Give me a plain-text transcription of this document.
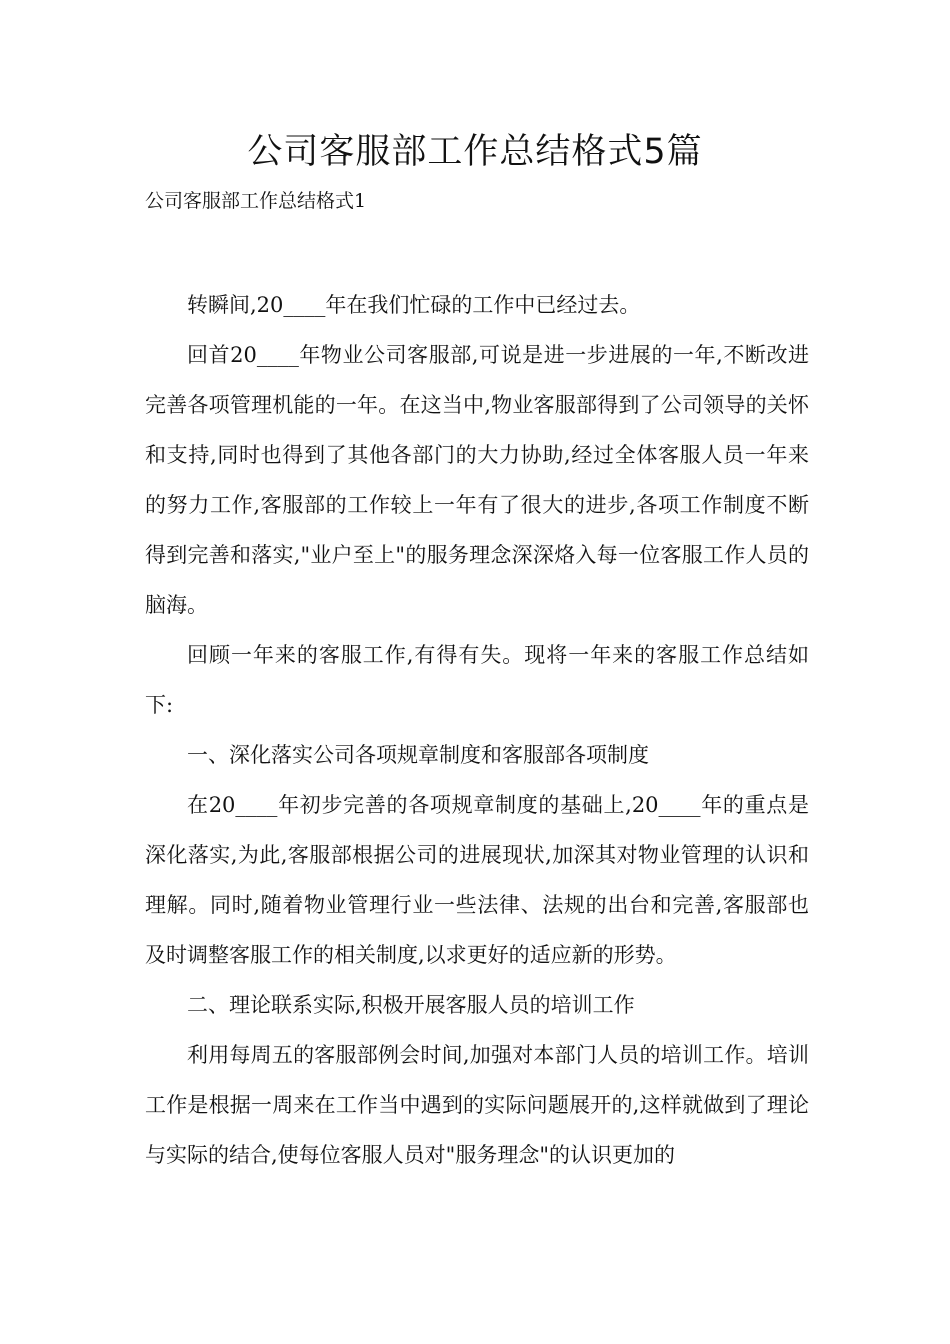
公司客服部工作总结格式5篇

公司客服部工作总结格式1

转瞬间,20____年在我们忙碌的工作中已经过去。

回首20____年物业公司客服部,可说是进一步进展的一年,不断改进完善各项管理机能的一年。在这当中,物业客服部得到了公司领导的关怀和支持,同时也得到了其他各部门的大力协助,经过全体客服人员一年来的努力工作,客服部的工作较上一年有了很大的进步,各项工作制度不断得到完善和落实,"业户至上"的服务理念深深烙入每一位客服工作人员的脑海。

回顾一年来的客服工作,有得有失。现将一年来的客服工作总结如下:

一、深化落实公司各项规章制度和客服部各项制度

在20____年初步完善的各项规章制度的基础上,20____年的重点是深化落实,为此,客服部根据公司的进展现状,加深其对物业管理的认识和理解。同时,随着物业管理行业一些法律、法规的出台和完善,客服部也及时调整客服工作的相关制度,以求更好的适应新的形势。

二、理论联系实际,积极开展客服人员的培训工作

利用每周五的客服部例会时间,加强对本部门人员的培训工作。培训工作是根据一周来在工作当中遇到的实际问题展开的,这样就做到了理论与实际的结合,使每位客服人员对"服务理念"的认识更加的
